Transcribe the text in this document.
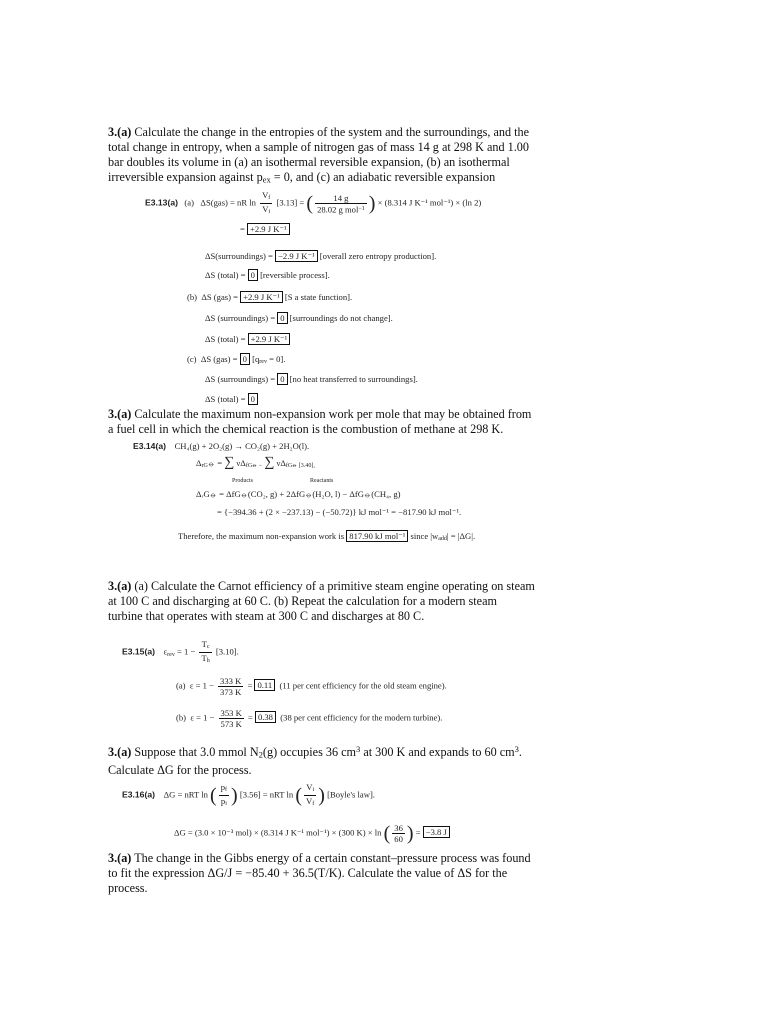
3.(a) Calculate the change in the entropies of the system and the surroundings, and the
total change in entropy, when a sample of nitrogen gas of mass 14 g at 298 K and 1.00
bar doubles its volume in (a) an isothermal reversible expansion, (b) an isothermal
irreversible expansion against $p_{ex} = 0$, and (c) an adiabatic reversible expansion
E3.13(a) (a) ΔS(gas) = nR $\ln \frac{V_f}{V_i} [3.13]$ = ( $\frac{14 g}{28.02 g mol^{-1}}$ ) × (8.314 J K⁻¹ mol⁻¹) × (ln 2)
= +2.9 J K⁻¹
ΔS(surroundings) = −2.9 J K⁻¹ [overall zero entropy production].
ΔS (total) = 0 [reversible process].
(b) ΔS (gas) = +2.9 J K⁻¹ [S a state function].
ΔS (surroundings) = 0 [surroundings do not change].
ΔS (total) = +2.9 J K⁻¹
(c) ΔS (gas) = 0 $[q_{rev} = 0]$.
ΔS (surroundings) = 0 [no heat transferred to surroundings].
ΔS (total) = 0
3.(a) Calculate the maximum non-expansion work per mole that may be obtained from
a fuel cell in which the chemical reaction is the combustion of methane at 298 K.
E3.14(a) CH₄(g) + 2O₂(g) → CO₂(g) + 2H₂O(l).
$\Delta_{rG}⦵$ = ∑ $\nu\Delta_{fG⦵ -}$ ∑ $\nu\Delta_{fG⦵ [3.40],}$
Products	Reactants
ΔᵣG⦵ = ΔfG⦵(CO₂, g) + 2ΔfG⦵(H₂O, l) − ΔfG⦵(CH₄, g)
= {−394.36 + (2 × −237.13) − (−50.72)} kJ mol⁻¹ = −817.90 kJ mol⁻¹.
Therefore, the maximum non-expansion work is 817.90 kJ mol⁻¹ since $|w_{add}| = |\Delta G|$.
3.(a) (a) Calculate the Carnot efficiency of a primitive steam engine operating on steam
at 100 C and discharging at 60 C. (b) Repeat the calculation for a modern steam
turbine that operates with steam at 300 C and discharges at 80 C.
E3.15(a) $\varepsilon_{rev} = 1 - \frac{T_c}{T_h} [3.10]$.
(a) $\varepsilon = 1 - \frac{333 K}{373 K} = 0.11$ (11 per cent efficiency for the old steam engine).
(b) $\varepsilon = 1 - \frac{353 K}{573 K} = 0.38$ (38 per cent efficiency for the modern turbine).
3.(a) Suppose that 3.0 mmol $N_2(g)$ occupies 36 $cm^3$ at 300 K and expands to 60 $cm^3$.
Calculate ΔG for the process.
E3.16(a) ΔG = nRT ln ( $\frac{p_f}{p_i}$ ) [3.56] = nRT ln ( $\frac{V_i}{V_f}$ ) [Boyle's law].
ΔG = (3.0 × 10⁻³ mol) × (8.314 J K⁻¹ mol⁻¹) × (300 K) × ln ( $\frac{36}{60}$ ) = −3.8 J
3.(a) The change in the Gibbs energy of a certain constant–pressure process was found
to fit the expression ΔG/J = −85.40 + 36.5(T/K). Calculate the value of ΔS for the
process.
